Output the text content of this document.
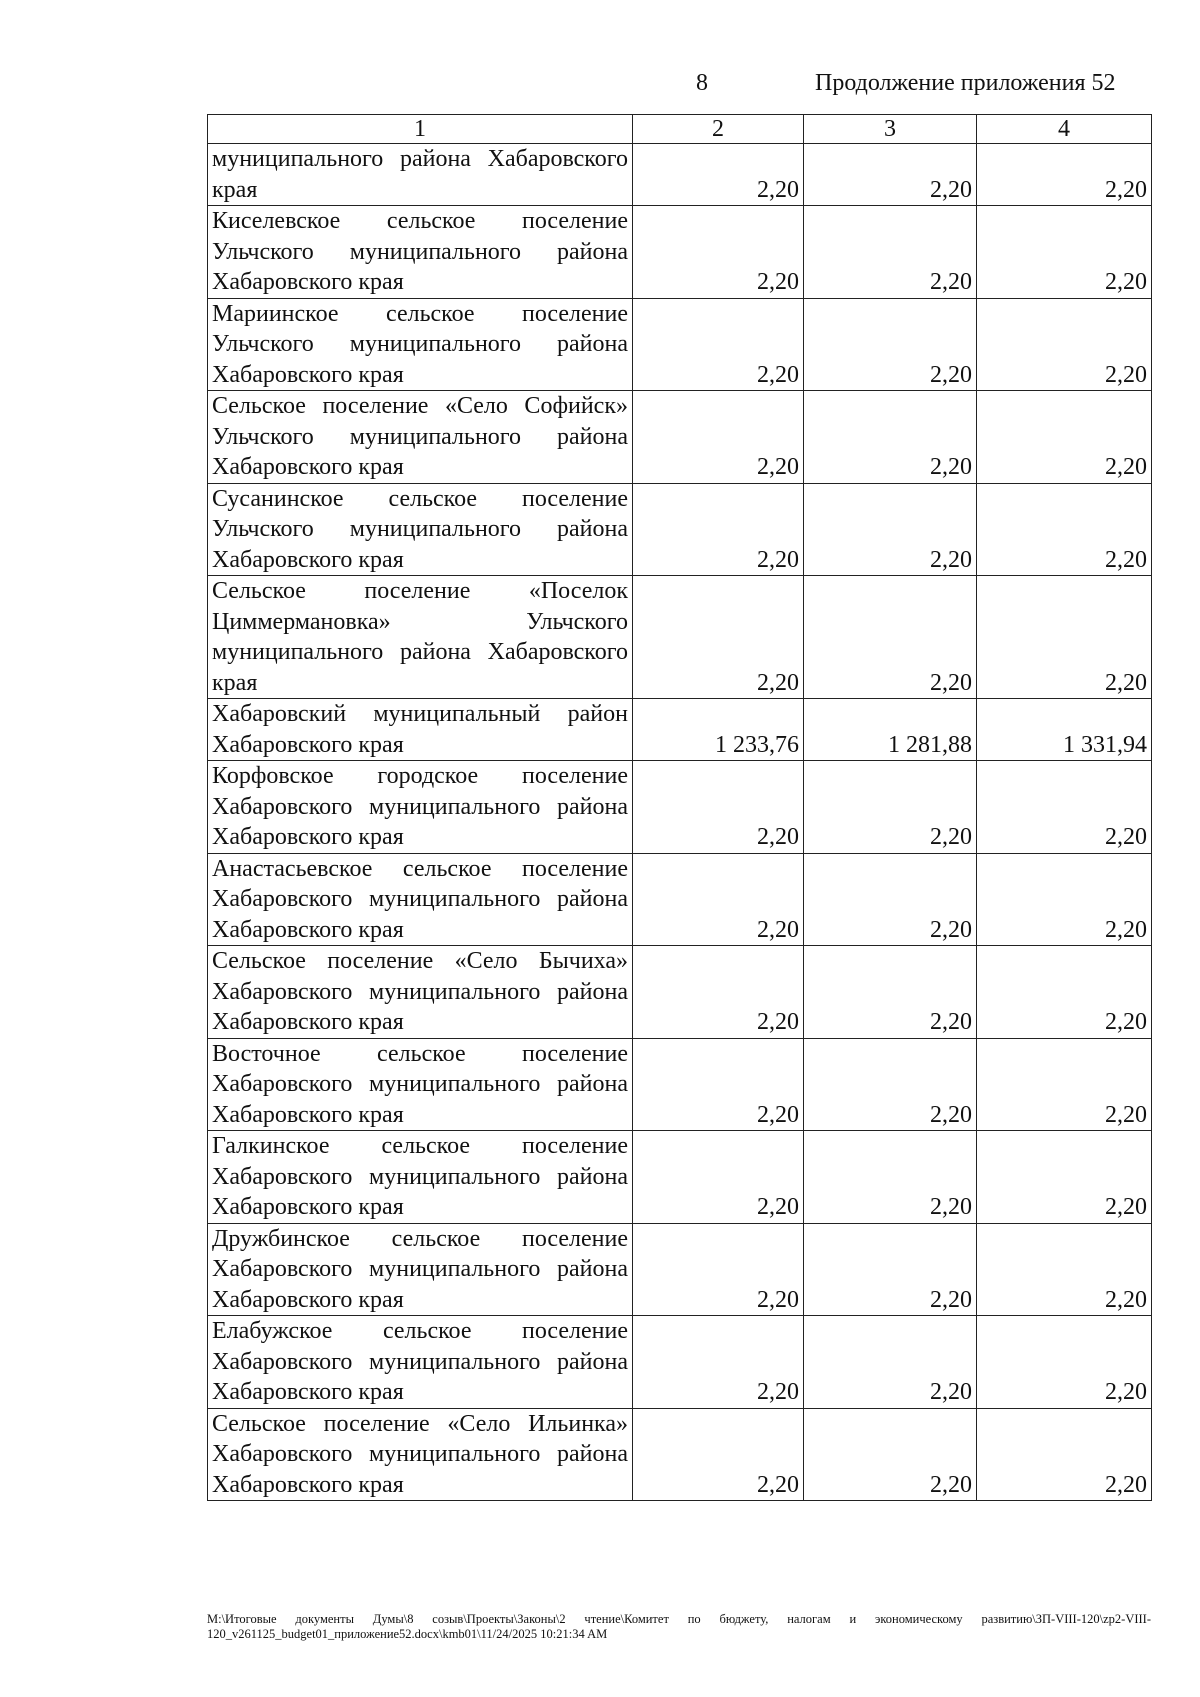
8	Продолжение приложения 52
1	2	3	4
муниципального района Хабаровского края	2,20	2,20	2,20
Киселевское сельское поселение Ульчского муниципального района Хабаровского края	2,20	2,20	2,20
Мариинское сельское поселение Ульчского муниципального района Хабаровского края	2,20	2,20	2,20
Сельское поселение «Село Софийск» Ульчского муниципального района Хабаровского края	2,20	2,20	2,20
Сусанинское сельское поселение Ульчского муниципального района Хабаровского края	2,20	2,20	2,20
Сельское поселение «Поселок Циммермановка» Ульчского муниципального района Хабаровского края	2,20	2,20	2,20
Хабаровский муниципальный район Хабаровского края	1 233,76	1 281,88	1 331,94
Корфовское городское поселение Хабаровского муниципального района Хабаровского края	2,20	2,20	2,20
Анастасьевское сельское поселение Хабаровского муниципального района Хабаровского края	2,20	2,20	2,20
Сельское поселение «Село Бычиха» Хабаровского муниципального района Хабаровского края	2,20	2,20	2,20
Восточное сельское поселение Хабаровского муниципального района Хабаровского края	2,20	2,20	2,20
Галкинское сельское поселение Хабаровского муниципального района Хабаровского края	2,20	2,20	2,20
Дружбинское сельское поселение Хабаровского муниципального района Хабаровского края	2,20	2,20	2,20
Елабужское сельское поселение Хабаровского муниципального района Хабаровского края	2,20	2,20	2,20
Сельское поселение «Село Ильинка» Хабаровского муниципального района Хабаровского края	2,20	2,20	2,20
M:\Итоговые документы Думы\8 созыв\Проекты\Законы\2 чтение\Комитет по бюджету, налогам и экономическому развитию\ЗП-VIII-120\zp2-VIII-120_v261125_budget01_приложение52.docx\kmb01\11/24/2025 10:21:34 AM
